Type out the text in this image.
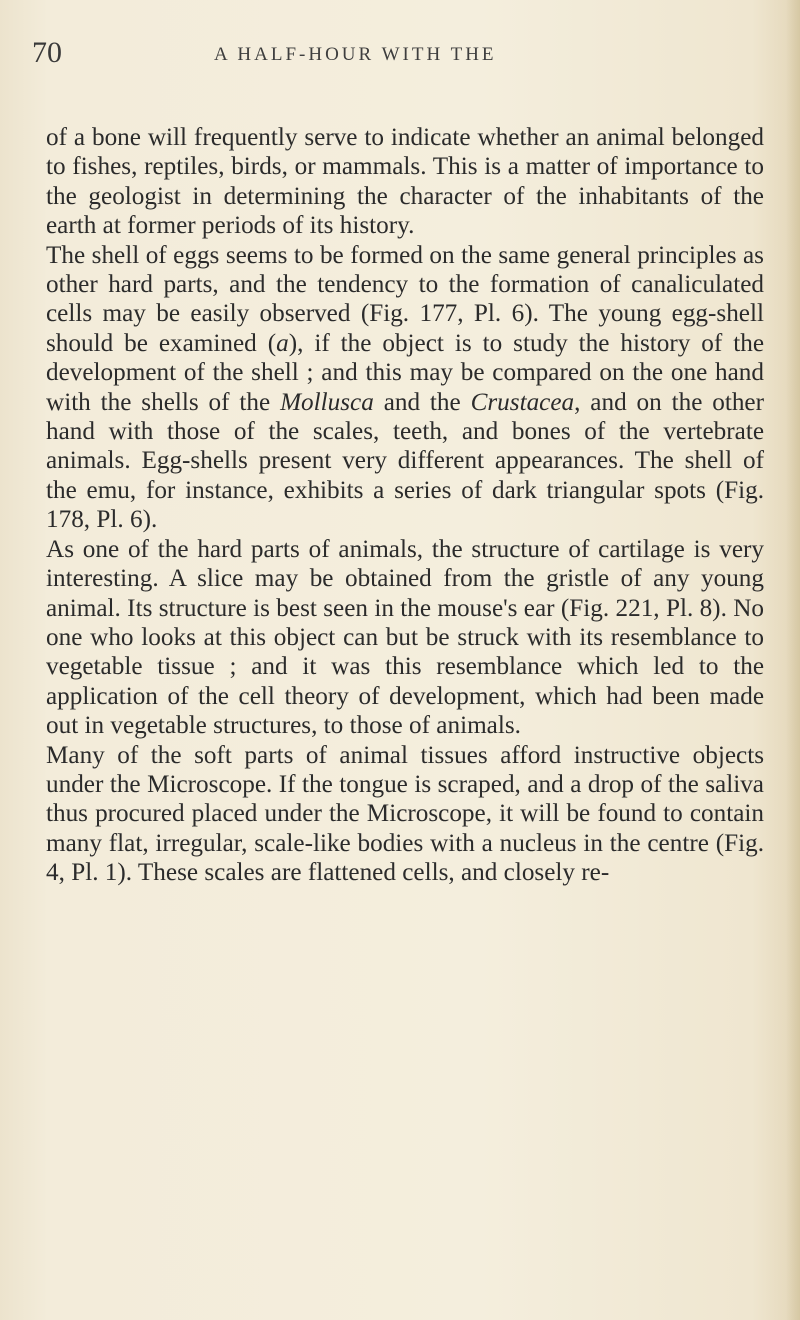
70	A HALF-HOUR WITH THE

of a bone will frequently serve to indicate whether an animal belonged to fishes, reptiles, birds, or mammals. This is a matter of importance to the geologist in determining the character of the inhabitants of the earth at former periods of its history.

The shell of eggs seems to be formed on the same general principles as other hard parts, and the tendency to the formation of canaliculated cells may be easily observed (Fig. 177, Pl. 6). The young egg-shell should be examined (a), if the object is to study the history of the development of the shell ; and this may be compared on the one hand with the shells of the Mollusca and the Crustacea, and on the other hand with those of the scales, teeth, and bones of the vertebrate animals. Egg-shells present very different appearances. The shell of the emu, for instance, exhibits a series of dark triangular spots (Fig. 178, Pl. 6).

As one of the hard parts of animals, the structure of cartilage is very interesting. A slice may be obtained from the gristle of any young animal. Its structure is best seen in the mouse's ear (Fig. 221, Pl. 8). No one who looks at this object can but be struck with its resemblance to vegetable tissue ; and it was this resemblance which led to the application of the cell theory of development, which had been made out in vegetable structures, to those of animals.

Many of the soft parts of animal tissues afford instructive objects under the Microscope. If the tongue is scraped, and a drop of the saliva thus procured placed under the Microscope, it will be found to contain many flat, irregular, scale-like bodies with a nucleus in the centre (Fig. 4, Pl. 1). These scales are flattened cells, and closely re-
